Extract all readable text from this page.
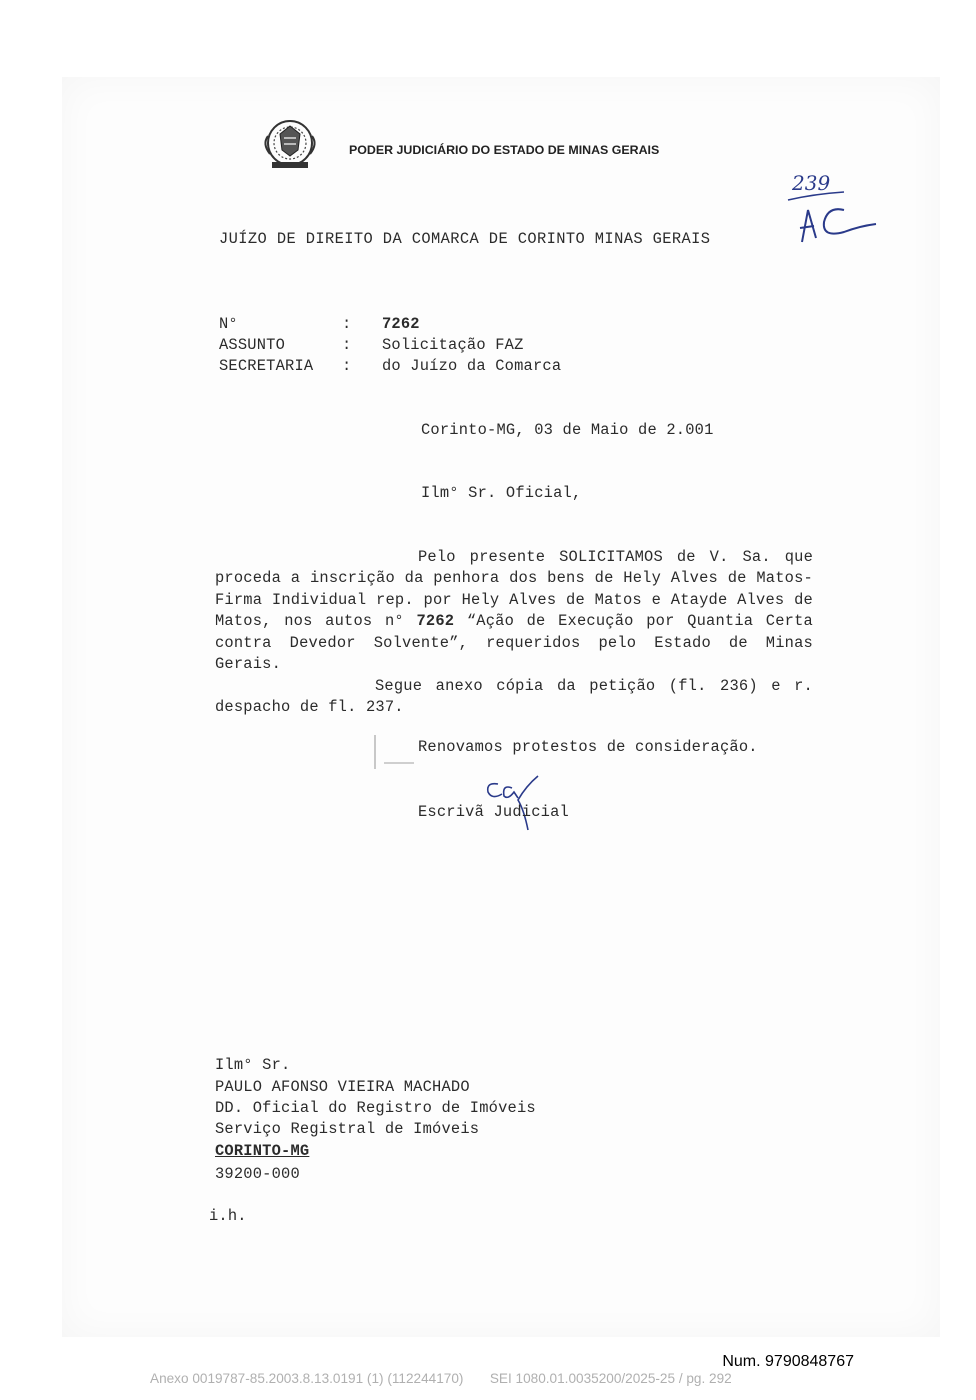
PODER JUDICIÁRIO DO ESTADO DE MINAS GERAIS
239
AC
JUÍZO DE DIREITO DA COMARCA DE CORINTO MINAS GERAIS
N°	: 7262
ASSUNTO	: Solicitação FAZ
SECRETARIA : do Juízo da Comarca
Corinto-MG, 03 de Maio de 2.001
Ilm° Sr. Oficial,
Pelo presente SOLICITAMOS de V. Sa. que proceda a inscrição da penhora dos bens de Hely Alves de Matos- Firma Individual rep. por Hely Alves de Matos e Atayde Alves de Matos, nos autos n° 7262 “Ação de Execução por Quantia Certa contra Devedor Solvente”, requeridos pelo Estado de Minas Gerais.
Segue anexo cópia da petição (fl. 236) e r. despacho de fl. 237.
Renovamos protestos de consideração.
Escrivã Judicial
Ilm° Sr.
PAULO AFONSO VIEIRA MACHADO
DD. Oficial do Registro de Imóveis
Serviço Registral de Imóveis
CORINTO-MG
39200-000
i.h.
Num. 9790848767
Anexo 0019787-85.2003.8.13.0191 (1) (112244170)       SEI 1080.01.0035200/2025-25 / pg. 292
